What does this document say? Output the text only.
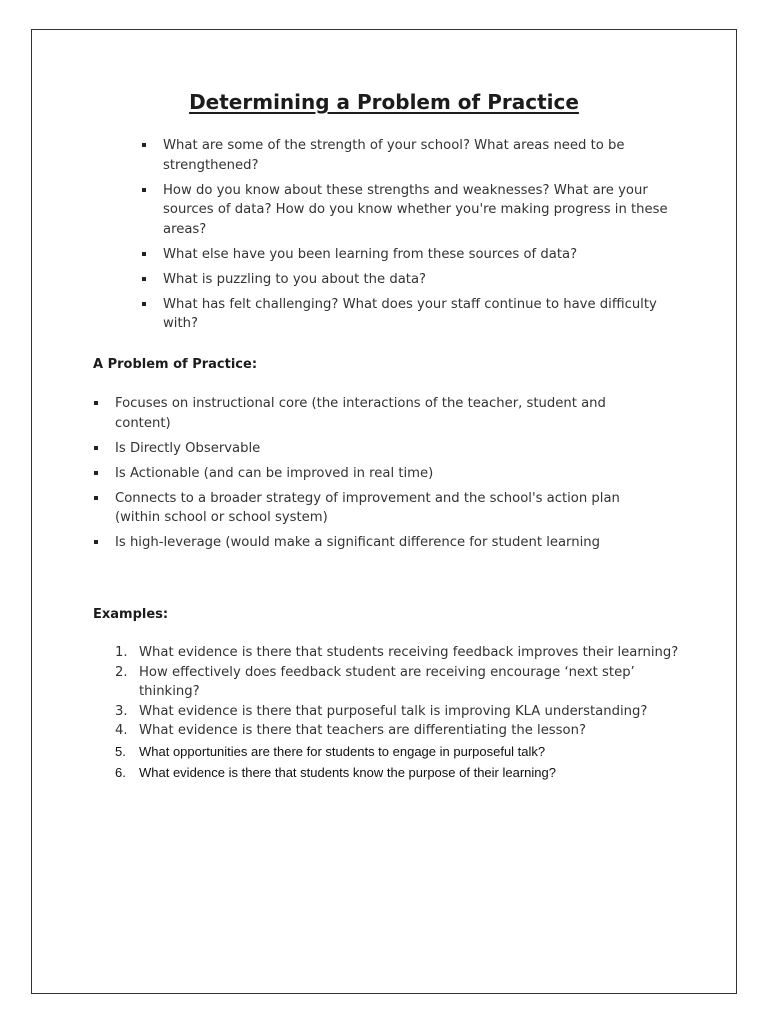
Determining a Problem of Practice
What are some of the strength of your school? What areas need to be strengthened?
How do you know about these strengths and weaknesses? What are your sources of data? How do you know whether you're making progress in these areas?
What else have you been learning from these sources of data?
What is puzzling to you about the data?
What has felt challenging? What does your staff continue to have difficulty with?
A Problem of Practice:
Focuses on instructional core (the interactions of the teacher, student and content)
Is Directly Observable
Is Actionable (and can be improved in real time)
Connects to a broader strategy of improvement and the school's action plan (within school or school system)
Is high-leverage (would make a significant difference for student learning
Examples:
1. What evidence is there that students receiving feedback improves their learning?
2. How effectively does feedback student are receiving encourage ‘next step’ thinking?
3. What evidence is there that purposeful talk is improving KLA understanding?
4. What evidence is there that teachers are differentiating the lesson?
5.	What opportunities are there for students to engage in purposeful talk?
6.	What evidence is there that students know the purpose of their learning?
